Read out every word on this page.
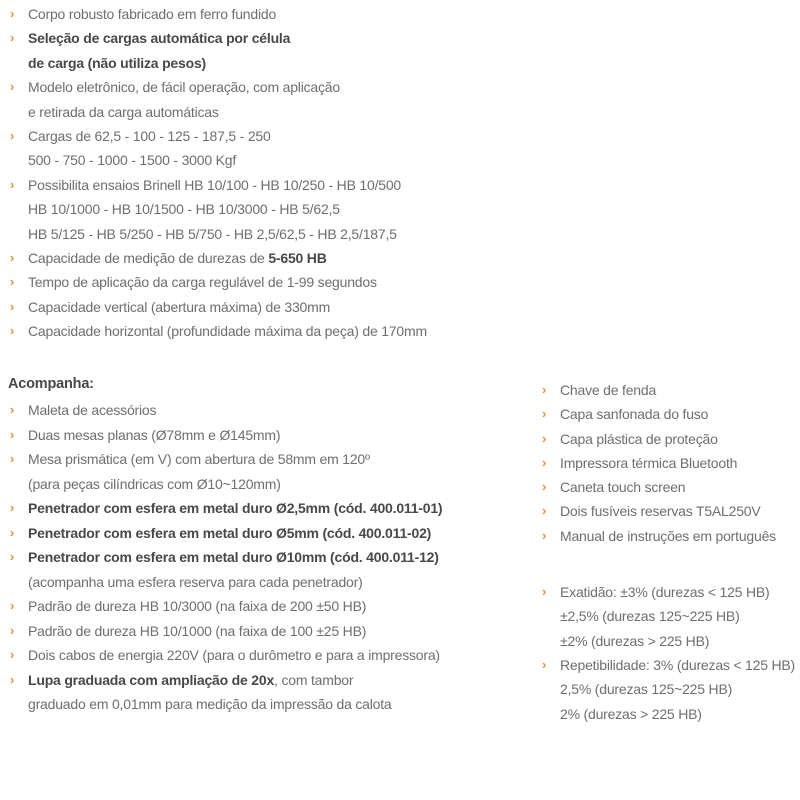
› Corpo robusto fabricado em ferro fundido
› Seleção de cargas automática por célula
de carga (não utiliza pesos)
› Modelo eletrônico, de fácil operação, com aplicação
e retirada da carga automáticas
› Cargas de 62,5 - 100 - 125 - 187,5 - 250
500 - 750 - 1000 - 1500 - 3000 Kgf
› Possibilita ensaios Brinell HB 10/100 - HB 10/250 - HB 10/500
HB 10/1000 - HB 10/1500 - HB 10/3000 - HB 5/62,5
HB 5/125 - HB 5/250 - HB 5/750 - HB 2,5/62,5 - HB 2,5/187,5
› Capacidade de medição de durezas de 5-650 HB
› Tempo de aplicação da carga regulável de 1-99 segundos
› Capacidade vertical (abertura máxima) de 330mm
› Capacidade horizontal (profundidade máxima da peça) de 170mm
Acompanha:
› Maleta de acessórios
› Duas mesas planas (Ø78mm e Ø145mm)
› Mesa prismática (em V) com abertura de 58mm em 120º
(para peças cilíndricas com Ø10~120mm)
› Penetrador com esfera em metal duro Ø2,5mm (cód. 400.011-01)
› Penetrador com esfera em metal duro Ø5mm (cód. 400.011-02)
› Penetrador com esfera em metal duro Ø10mm (cód. 400.011-12)
(acompanha uma esfera reserva para cada penetrador)
› Padrão de dureza HB 10/3000 (na faixa de 200 ±50 HB)
› Padrão de dureza HB 10/1000 (na faixa de 100 ±25 HB)
› Dois cabos de energia 220V (para o durômetro e para a impressora)
› Lupa graduada com ampliação de 20x, com tambor
graduado em 0,01mm para medição da impressão da calota
› Chave de fenda
› Capa sanfonada do fuso
› Capa plástica de proteção
› Impressora térmica Bluetooth
› Caneta touch screen
› Dois fusíveis reservas T5AL250V
› Manual de instruções em português
› Exatidão: ±3% (durezas < 125 HB)
±2,5% (durezas 125~225 HB)
±2% (durezas > 225 HB)
› Repetibilidade: 3% (durezas < 125 HB)
2,5% (durezas 125~225 HB)
2% (durezas > 225 HB)
